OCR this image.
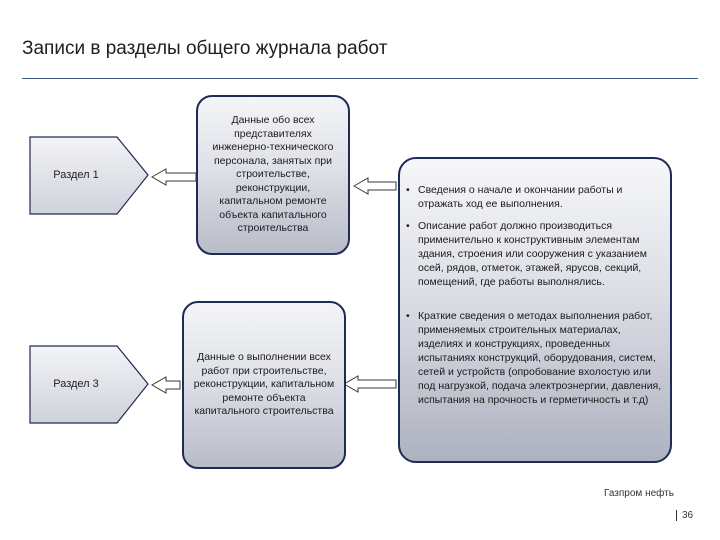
Записи в разделы общего журнала работ
Раздел 1
Раздел 3
Данные обо всех представителях инженерно-технического персонала, занятых при строительстве, реконструкции, капитальном ремонте объекта капитального строительства
Данные о выполнении всех работ при строительстве, реконструкции, капитальном ремонте объекта капитального строительства
• Сведения о начале и окончании работы и отражать ход ее выполнения.
• Описание работ должно производиться применительно к конструктивным элементам здания, строения или сооружения с указанием осей, рядов, отметок, этажей, ярусов, секций, помещений, где работы выполнялись.
• Краткие сведения о методах выполнения работ, применяемых строительных материалах, изделиях и конструкциях, проведенных испытаниях конструкций, оборудования, систем, сетей и устройств (опробование вхолостую или под нагрузкой, подача электроэнергии, давления, испытания на прочность и герметичность и т.д)
Газпром нефть
36
